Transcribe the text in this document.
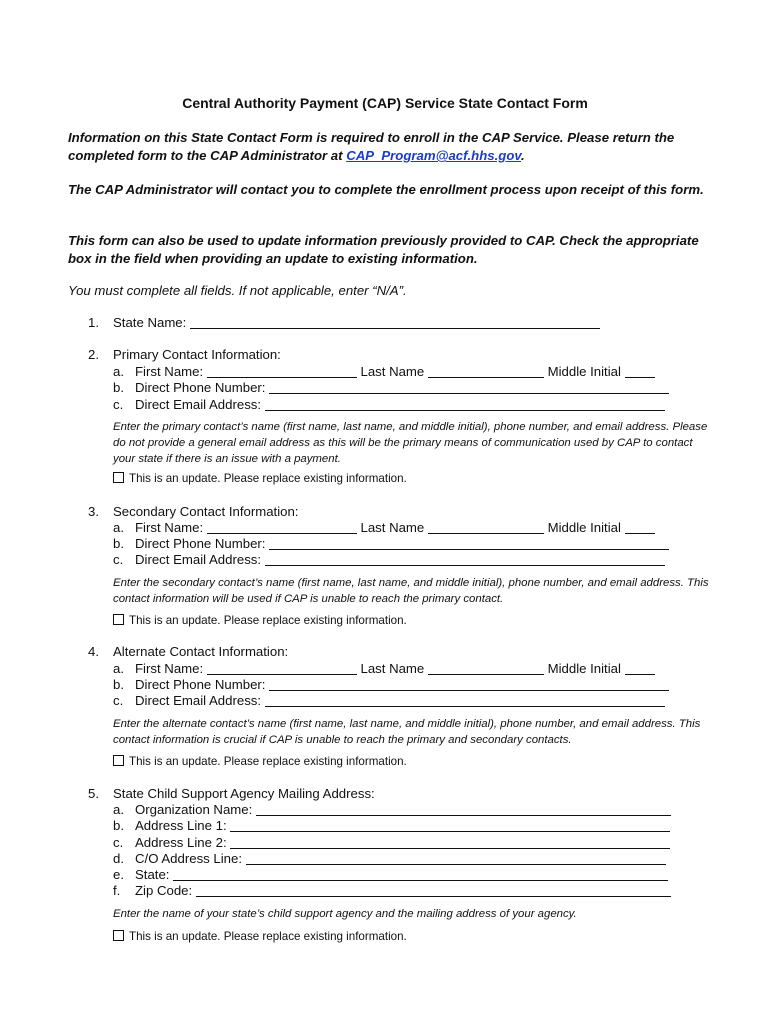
Central Authority Payment (CAP) Service State Contact Form
Information on this State Contact Form is required to enroll in the CAP Service. Please return the completed form to the CAP Administrator at CAP_Program@acf.hhs.gov.
The CAP Administrator will contact you to complete the enrollment process upon receipt of this form.
This form can also be used to update information previously provided to CAP. Check the appropriate box in the field when providing an update to existing information.
You must complete all fields. If not applicable, enter “N/A”.
1. State Name:
2. Primary Contact Information:
a. First Name:	Last Name	Middle Initial
b. Direct Phone Number:
c. Direct Email Address:
Enter the primary contact’s name (first name, last name, and middle initial), phone number, and email address. Please do not provide a general email address as this will be the primary means of communication used by CAP to contact your state if there is an issue with a payment.
This is an update. Please replace existing information.
3. Secondary Contact Information:
a. First Name:	Last Name	Middle Initial
b. Direct Phone Number:
c. Direct Email Address:
Enter the secondary contact’s name (first name, last name, and middle initial), phone number, and email address. This contact information will be used if CAP is unable to reach the primary contact.
This is an update. Please replace existing information.
4. Alternate Contact Information:
a. First Name:	Last Name	Middle Initial
b. Direct Phone Number:
c. Direct Email Address:
Enter the alternate contact’s name (first name, last name, and middle initial), phone number, and email address. This contact information is crucial if CAP is unable to reach the primary and secondary contacts.
This is an update. Please replace existing information.
5. State Child Support Agency Mailing Address:
a. Organization Name:
b. Address Line 1:
c. Address Line 2:
d. C/O Address Line:
e. State:
f. Zip Code:
Enter the name of your state’s child support agency and the mailing address of your agency.
This is an update. Please replace existing information.
